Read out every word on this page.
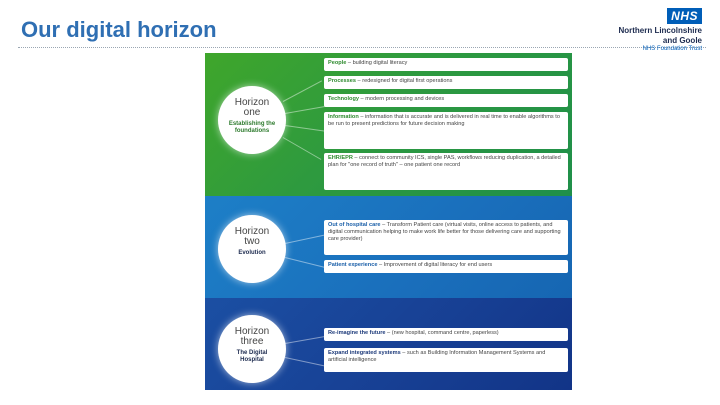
Our digital horizon
NHS
Northern Lincolnshire
and Goole
NHS Foundation Trust
Horizon
one
Establishing the
foundations
People – building digital literacy
Processes – redesigned for digital first operations
Technology – modern processing and devices
Information – information that is accurate and is delivered in real time to enable algorithms to be run to present predictions for future decision making
EHR/EPR – connect to community ICS, single PAS, workflows reducing duplication, a detailed plan for "one record of truth" – one patient one record
Horizon
two
Evolution
Out of hospital care – Transform Patient care (virtual visits, online access to patients, and digital communication helping to make work life better for those delivering care and supporting care provider)
Patient experience – Improvement of digital literacy for end users
Horizon
three
The Digital
Hospital
Re-imagine the future – (new hospital, command centre, paperless)
Expand integrated systems – such as Building Information Management Systems and artificial intelligence
